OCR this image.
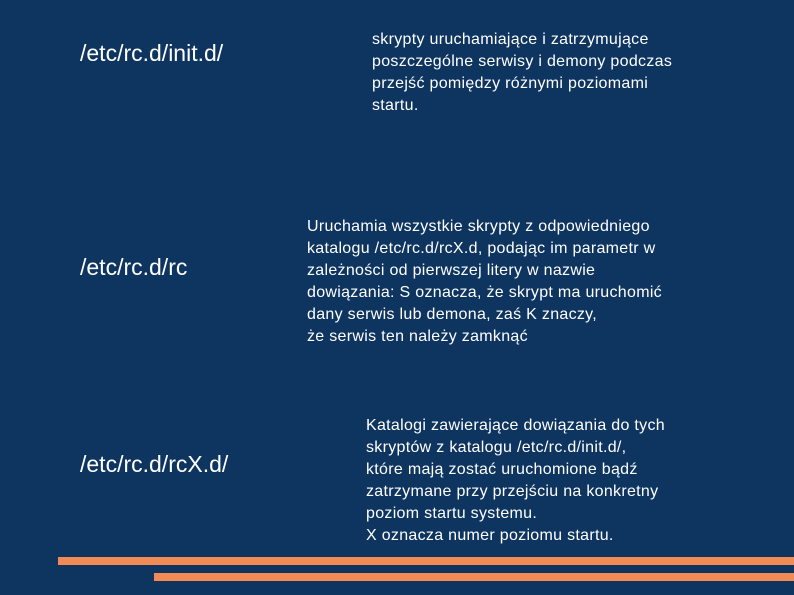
/etc/rc.d/init.d/
skrypty uruchamiające i zatrzymujące
poszczególne serwisy i demony podczas
przejść pomiędzy różnymi poziomami
startu.
/etc/rc.d/rc
Uruchamia wszystkie skrypty z odpowiedniego
katalogu /etc/rc.d/rcX.d, podając im parametr w
zależności od pierwszej litery w nazwie
dowiązania: S oznacza, że skrypt ma uruchomić
dany serwis lub demona, zaś K znaczy,
że serwis ten należy zamknąć
/etc/rc.d/rcX.d/
Katalogi zawierające dowiązania do tych
skryptów z katalogu /etc/rc.d/init.d/,
które mają zostać uruchomione bądź
zatrzymane przy przejściu na konkretny
poziom startu systemu.
X oznacza numer poziomu startu.
